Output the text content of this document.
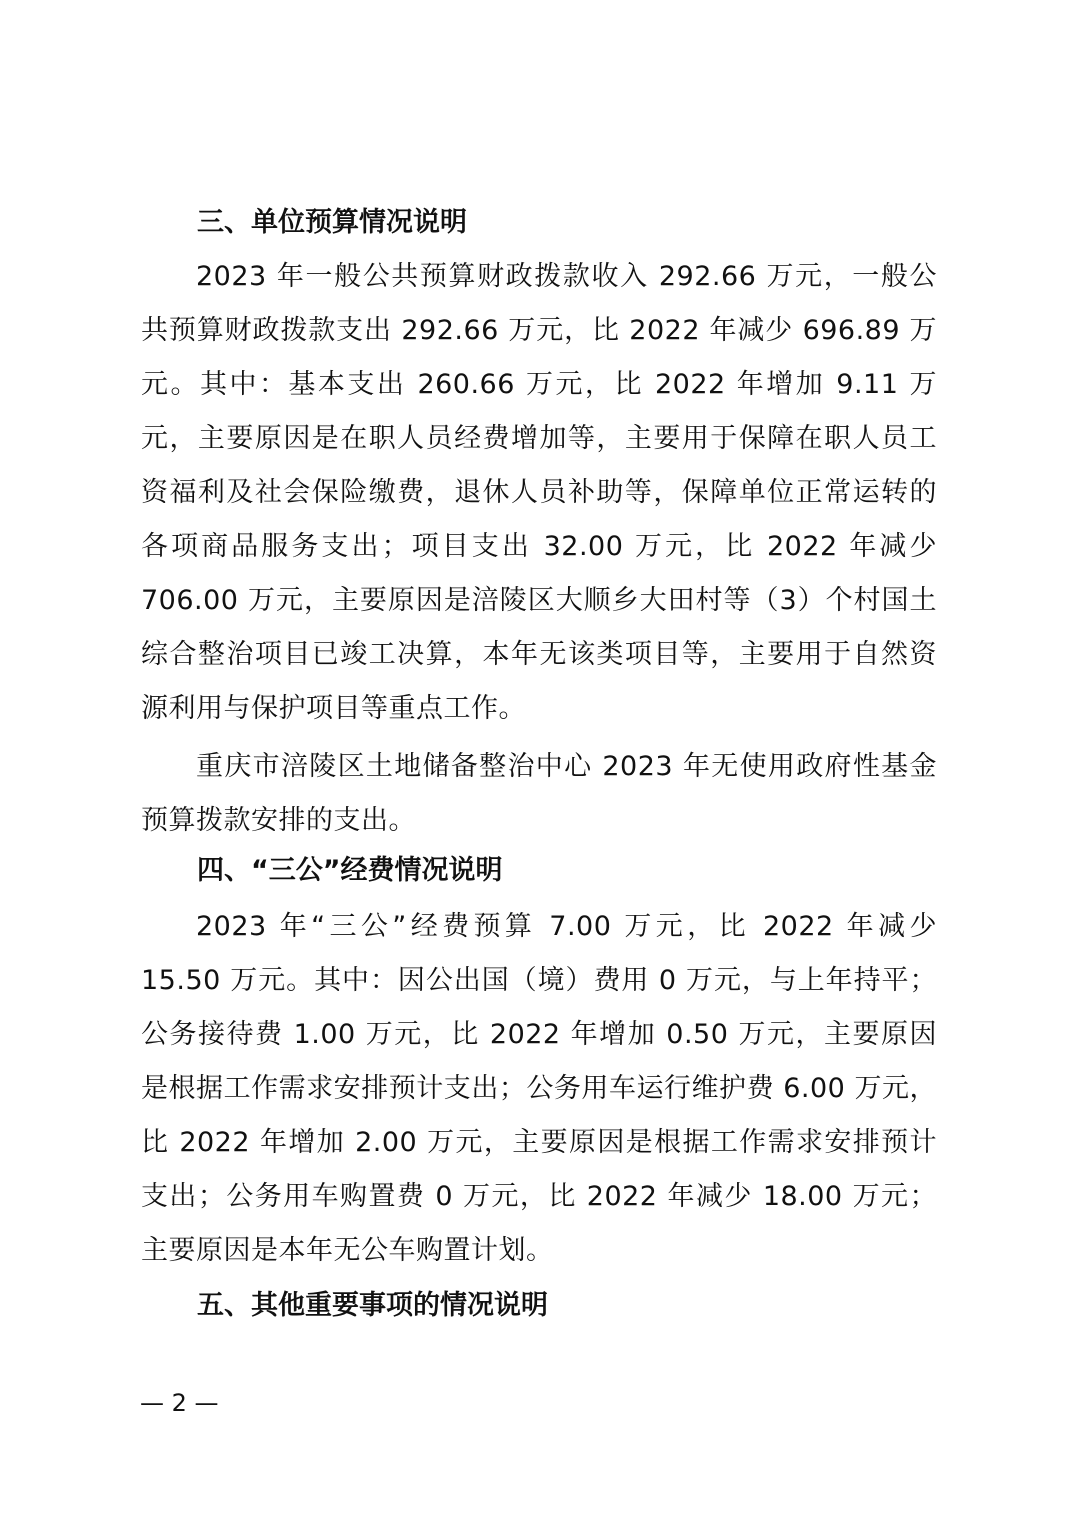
三、单位预算情况说明
2023 年一般公共预算财政拨款收入 292.66 万元，一般公共预算财政拨款支出 292.66 万元，比 2022 年减少 696.89 万元。其中：基本支出 260.66 万元，比 2022 年增加 9.11 万元，主要原因是在职人员经费增加等，主要用于保障在职人员工资福利及社会保险缴费，退休人员补助等，保障单位正常运转的各项商品服务支出；项目支出 32.00 万元，比 2022 年减少 706.00 万元，主要原因是涪陵区大顺乡大田村等（3）个村国土综合整治项目已竣工决算，本年无该类项目等，主要用于自然资源利用与保护项目等重点工作。
重庆市涪陵区土地储备整治中心 2023 年无使用政府性基金预算拨款安排的支出。
四、“三公”经费情况说明
2023 年“三公”经费预算 7.00 万元，比 2022 年减少 15.50 万元。其中：因公出国（境）费用 0 万元，与上年持平；公务接待费 1.00 万元，比 2022 年增加 0.50 万元，主要原因是根据工作需求安排预计支出；公务用车运行维护费 6.00 万元，比 2022 年增加 2.00 万元，主要原因是根据工作需求安排预计支出；公务用车购置费 0 万元，比 2022 年减少 18.00 万元；主要原因是本年无公车购置计划。
五、其他重要事项的情况说明
— 2 —
